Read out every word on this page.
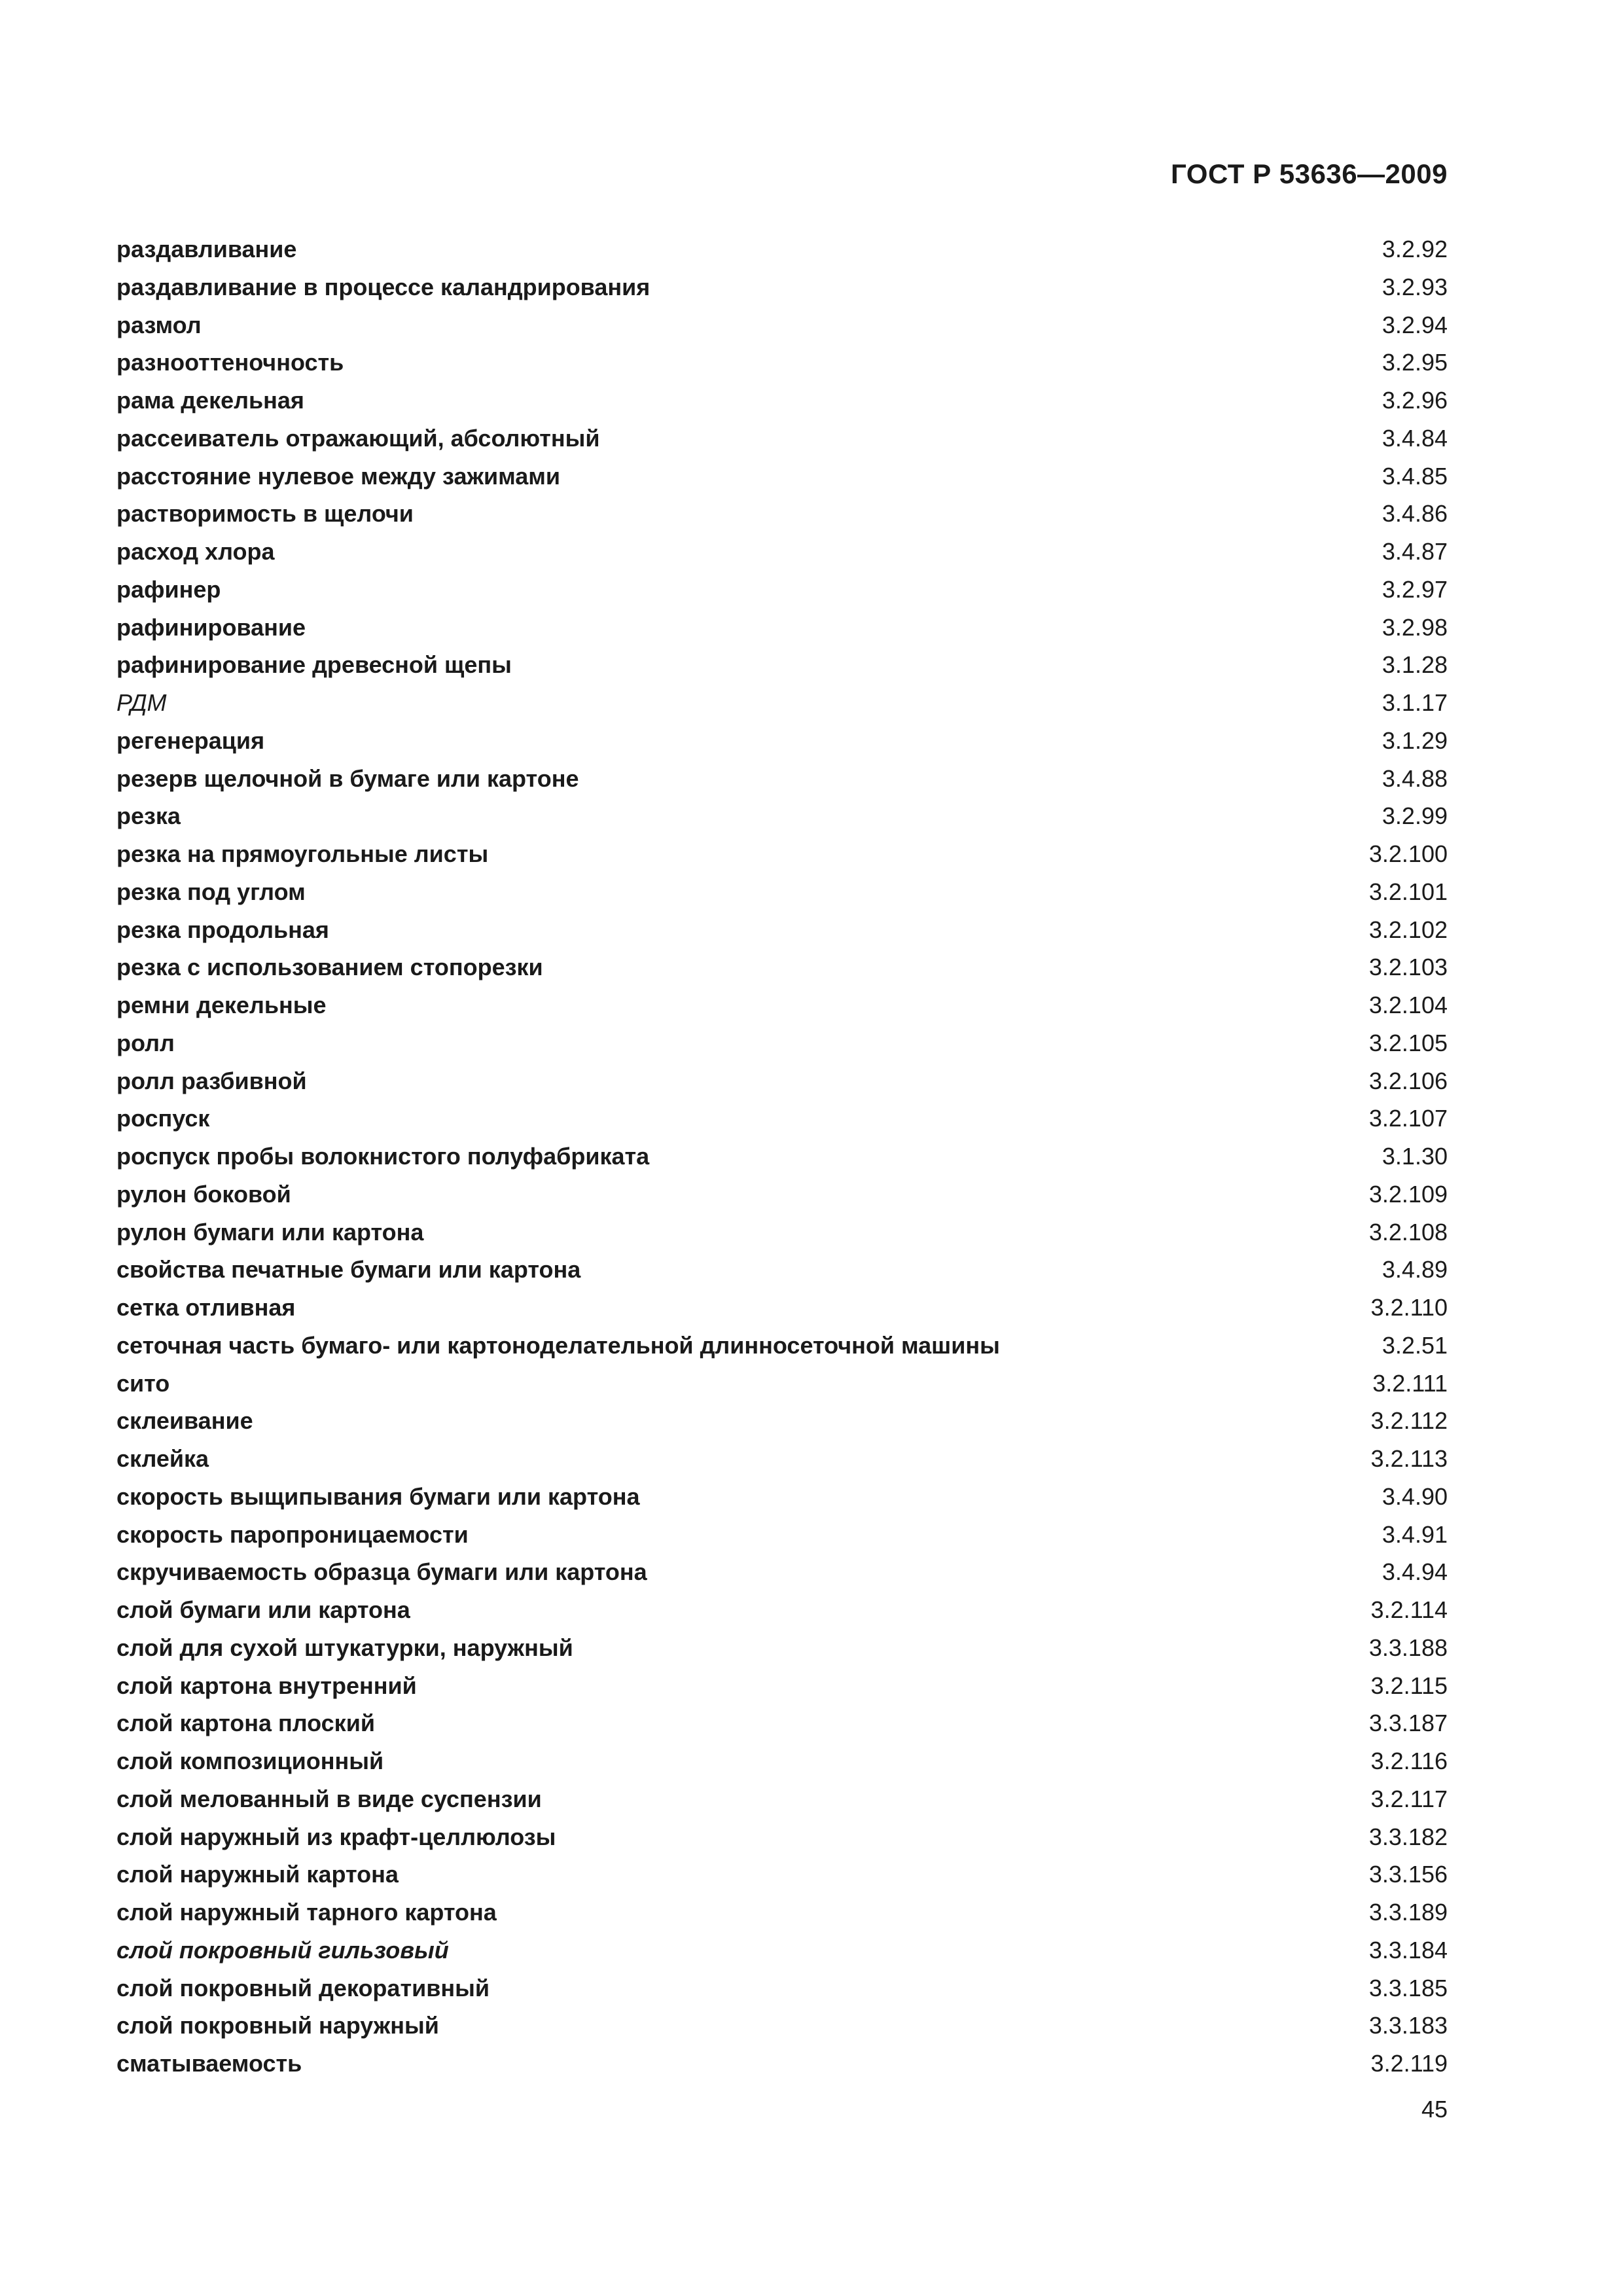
ГОСТ Р 53636—2009
раздавливание	3.2.92
раздавливание в процессе каландрирования	3.2.93
размол	3.2.94
разнооттеночность	3.2.95
рама декельная	3.2.96
рассеиватель отражающий, абсолютный	3.4.84
расстояние нулевое между зажимами	3.4.85
растворимость в щелочи	3.4.86
расход хлора	3.4.87
рафинер	3.2.97
рафинирование	3.2.98
рафинирование древесной щепы	3.1.28
РДМ	3.1.17
регенерация	3.1.29
резерв щелочной в бумаге или картоне	3.4.88
резка	3.2.99
резка на прямоугольные листы	3.2.100
резка под углом	3.2.101
резка продольная	3.2.102
резка с использованием стопорезки	3.2.103
ремни декельные	3.2.104
ролл	3.2.105
ролл разбивной	3.2.106
роспуск	3.2.107
роспуск пробы волокнистого полуфабриката	3.1.30
рулон боковой	3.2.109
рулон бумаги или картона	3.2.108
свойства печатные бумаги или картона	3.4.89
сетка отливная	3.2.110
сеточная часть бумаго- или картоноделательной длинносеточной машины	3.2.51
сито	3.2.111
склеивание	3.2.112
склейка	3.2.113
скорость выщипывания бумаги или картона	3.4.90
скорость паропроницаемости	3.4.91
скручиваемость образца бумаги или картона	3.4.94
слой бумаги или картона	3.2.114
слой для сухой штукатурки, наружный	3.3.188
слой картона внутренний	3.2.115
слой картона плоский	3.3.187
слой композиционный	3.2.116
слой мелованный в виде суспензии	3.2.117
слой наружный из крафт-целлюлозы	3.3.182
слой наружный картона	3.3.156
слой наружный тарного картона	3.3.189
слой покровный гильзовый	3.3.184
слой покровный декоративный	3.3.185
слой покровный наружный	3.3.183
сматываемость	3.2.119
45
